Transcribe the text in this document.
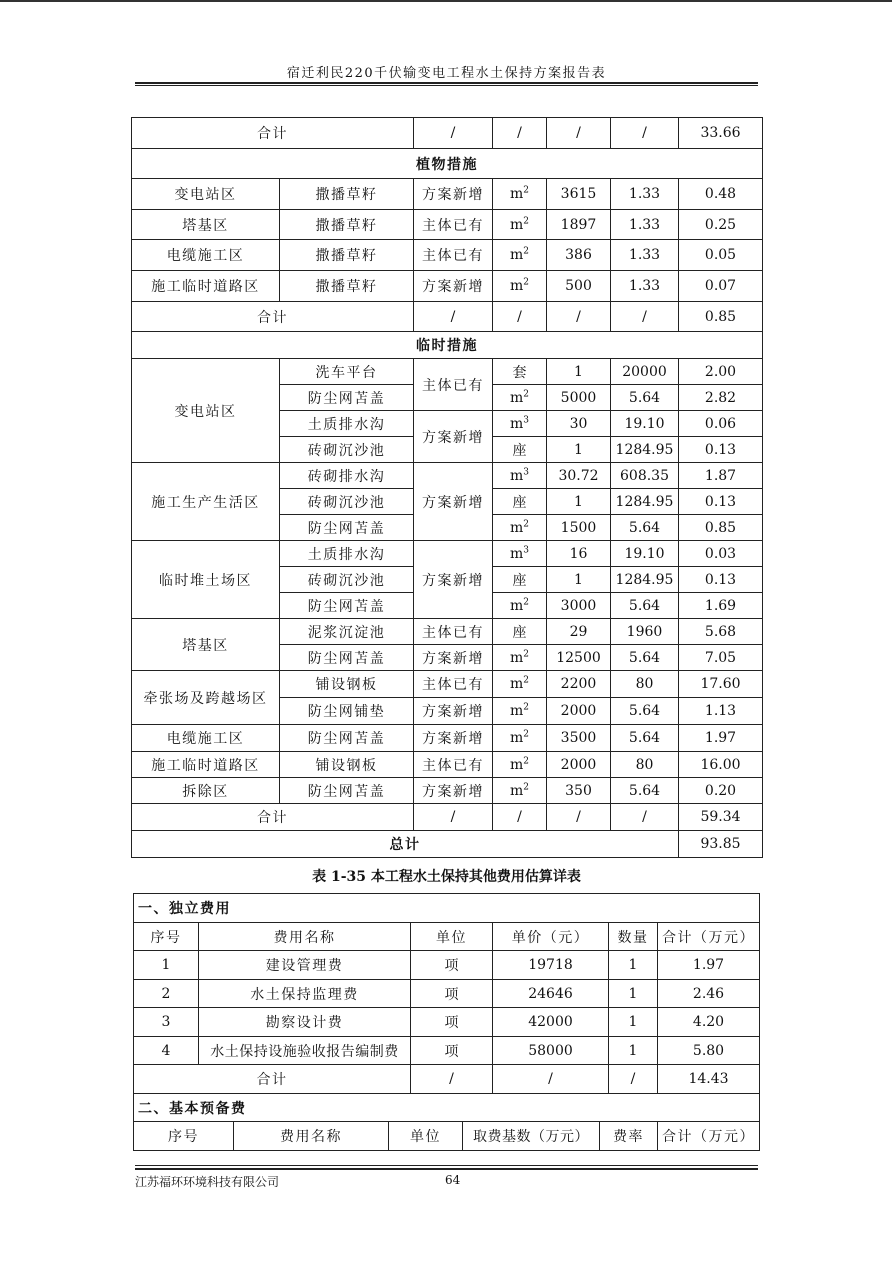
宿迁利民220千伏输变电工程水土保持方案报告表
合计		/	/	/	/	33.66
植物措施						
变电站区	撒播草籽	方案新增	$m^2$	3615	1.33	0.48
塔基区	撒播草籽	主体已有	$m^2$	1897	1.33	0.25
电缆施工区	撒播草籽	主体已有	$m^2$	386	1.33	0.05
施工临时道路区	撒播草籽	方案新增	$m^2$	500	1.33	0.07
合计		/	/	/	/	0.85
临时措施						
变电站区	洗车平台	主体已有	套	1	20000	2.00
	防尘网苫盖		$m^2$	5000	5.64	2.82
	土质排水沟	方案新增	$m^3$	30	19.10	0.06
	砖砌沉沙池		座	1	1284.95	0.13
施工生产生活区	砖砌排水沟	方案新增	$m^3$	30.72	608.35	1.87
	砖砌沉沙池		座	1	1284.95	0.13
	防尘网苫盖		$m^2$	1500	5.64	0.85
临时堆土场区	土质排水沟	方案新增	$m^3$	16	19.10	0.03
	砖砌沉沙池		座	1	1284.95	0.13
	防尘网苫盖		$m^2$	3000	5.64	1.69
塔基区	泥浆沉淀池	主体已有	座	29	1960	5.68
	防尘网苫盖	方案新增	$m^2$	12500	5.64	7.05
牵张场及跨越场区	铺设钢板	主体已有	$m^2$	2200	80	17.60
	防尘网铺垫	方案新增	$m^2$	2000	5.64	1.13
电缆施工区	防尘网苫盖	方案新增	$m^2$	3500	5.64	1.97
施工临时道路区	铺设钢板	主体已有	$m^2$	2000	80	16.00
拆除区	防尘网苫盖	方案新增	$m^2$	350	5.64	0.20
合计		/	/	/	/	59.34
总计						93.85
表 1-35 本工程水土保持其他费用估算详表
一、独立费用					
序号	费用名称	单位	单价（元）	数量	合计（万元）
1	建设管理费	项	19718	1	1.97
2	水土保持监理费	项	24646	1	2.46
3	勘察设计费	项	42000	1	4.20
4	水土保持设施验收报告编制费	项	58000	1	5.80
合计		/	/	/	14.43
二、基本预备费
序号	费用名称	单位	取费基数（万元）	费率	合计（万元）
江苏福环环境科技有限公司	64
